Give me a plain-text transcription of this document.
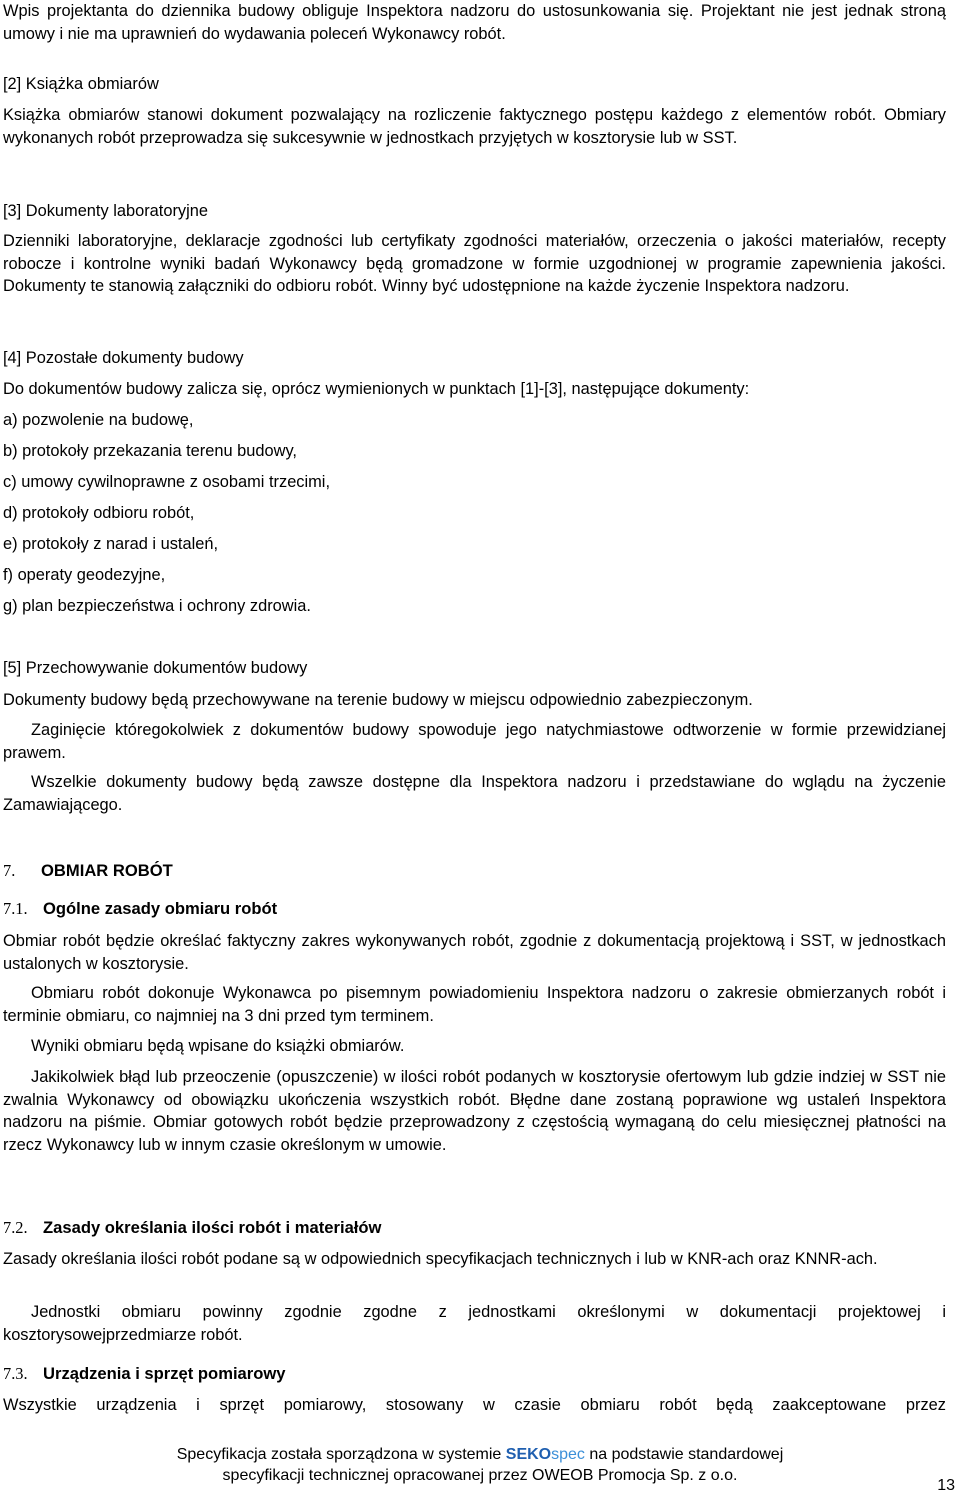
Wpis projektanta do dziennika budowy obliguje Inspektora nadzoru do ustosunkowania się. Projektant nie jest jednak stroną umowy i nie ma uprawnień do wydawania poleceń Wykonawcy robót.

[2] Książka obmiarów

Książka obmiarów stanowi dokument pozwalający na rozliczenie faktycznego postępu każdego z elementów robót. Obmiary wykonanych robót przeprowadza się sukcesywnie w jednostkach przyjętych w kosztorysie lub w SST.

[3] Dokumenty laboratoryjne

Dzienniki laboratoryjne, deklaracje zgodności lub certyfikaty zgodności materiałów, orzeczenia o jakości materiałów, recepty robocze i kontrolne wyniki badań Wykonawcy będą gromadzone w formie uzgodnionej w programie zapewnienia jakości. Dokumenty te stanowią załączniki do odbioru robót. Winny być udostępnione na każde życzenie Inspektora nadzoru.

[4] Pozostałe dokumenty budowy

Do dokumentów budowy zalicza się, oprócz wymienionych w punktach [1]-[3], następujące dokumenty:

a) pozwolenie na budowę,

b) protokoły przekazania terenu budowy,

c) umowy cywilnoprawne z osobami trzecimi,

d) protokoły odbioru robót,

e) protokoły z narad i ustaleń,

f) operaty geodezyjne,

g) plan bezpieczeństwa i ochrony zdrowia.

[5] Przechowywanie dokumentów budowy

Dokumenty budowy będą przechowywane na terenie budowy w miejscu odpowiednio zabezpieczonym.

Zaginięcie któregokolwiek z dokumentów budowy spowoduje jego natychmiastowe odtworzenie w formie przewidzianej prawem.

Wszelkie dokumenty budowy będą zawsze dostępne dla Inspektora nadzoru i przedstawiane do wglądu na życzenie Zamawiającego.

7. OBMIAR ROBÓT
7.1. Ogólne zasady obmiaru robót

Obmiar robót będzie określać faktyczny zakres wykonywanych robót, zgodnie z dokumentacją projektową i SST, w jednostkach ustalonych w kosztorysie.

Obmiaru robót dokonuje Wykonawca po pisemnym powiadomieniu Inspektora nadzoru o zakresie obmierzanych robót i terminie obmiaru, co najmniej na 3 dni przed tym terminem.

Wyniki obmiaru będą wpisane do książki obmiarów.

Jakikolwiek błąd lub przeoczenie (opuszczenie) w ilości robót podanych w kosztorysie ofertowym lub gdzie indziej w SST nie zwalnia Wykonawcy od obowiązku ukończenia wszystkich robót. Błędne dane zostaną poprawione wg ustaleń Inspektora nadzoru na piśmie. Obmiar gotowych robót będzie przeprowadzony z częstością wymaganą do celu miesięcznej płatności na rzecz Wykonawcy lub w innym czasie określonym w umowie.

7.2. Zasady określania ilości robót i materiałów

Zasady określania ilości robót podane są w odpowiednich specyfikacjach technicznych i lub w KNR-ach oraz KNNR-ach.

Jednostki obmiaru powinny zgodnie zgodne z jednostkami określonymi w dokumentacji projektowej i kosztorysowejprzedmiarze robót.

7.3. Urządzenia i sprzęt pomiarowy

Wszystkie urządzenia i sprzęt pomiarowy, stosowany w czasie obmiaru robót będą zaakceptowane przez

Specyfikacja została sporządzona w systemie SEKOspec na podstawie standardowej
specyfikacji technicznej opracowanej przez OWEOB Promocja Sp. z o.o.
13
